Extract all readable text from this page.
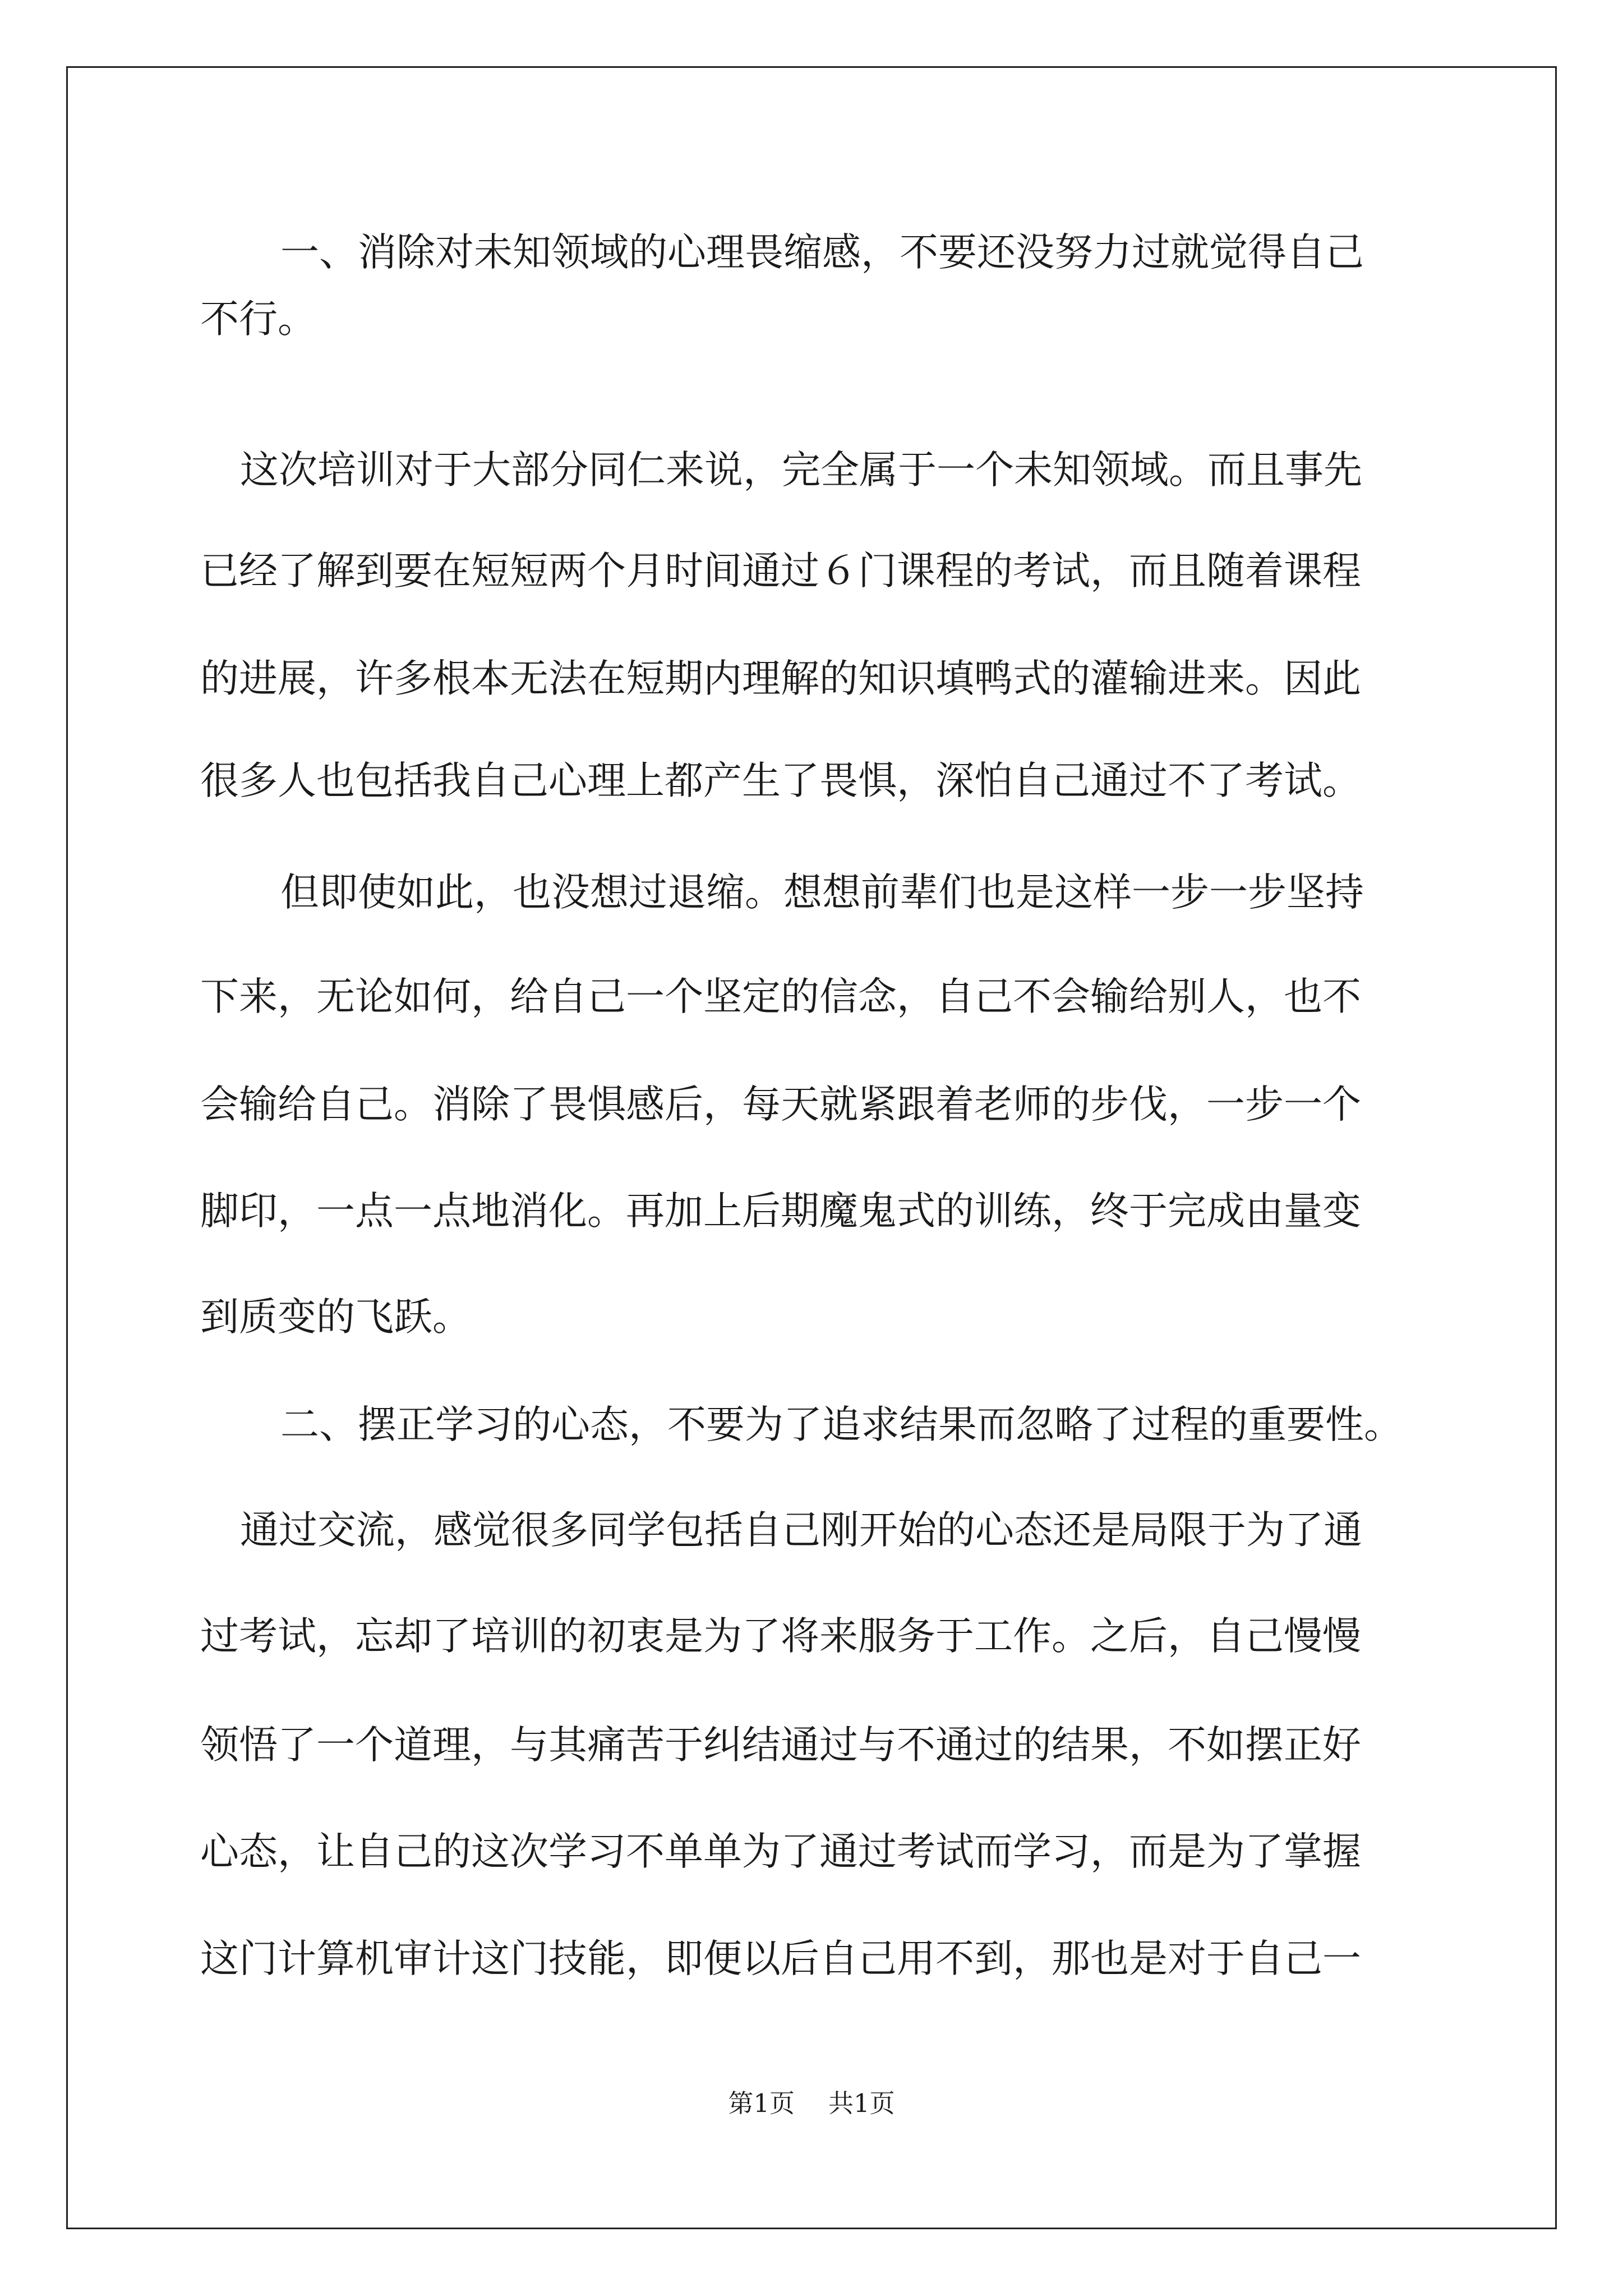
一、消除对未知领域的心理畏缩感，不要还没努力过就觉得自己
不行。
这次培训对于大部分同仁来说，完全属于一个未知领域。而且事先
已经了解到要在短短两个月时间通过６门课程的考试，而且随着课程
的进展，许多根本无法在短期内理解的知识填鸭式的灌输进来。因此
很多人也包括我自己心理上都产生了畏惧，深怕自己通过不了考试。
但即使如此，也没想过退缩。想想前辈们也是这样一步一步坚持
下来，无论如何，给自己一个坚定的信念，自己不会输给别人，也不
会输给自己。消除了畏惧感后，每天就紧跟着老师的步伐，一步一个
脚印，一点一点地消化。再加上后期魔鬼式的训练，终于完成由量变
到质变的飞跃。
二、摆正学习的心态，不要为了追求结果而忽略了过程的重要性。
通过交流，感觉很多同学包括自己刚开始的心态还是局限于为了通
过考试，忘却了培训的初衷是为了将来服务于工作。之后，自己慢慢
领悟了一个道理，与其痛苦于纠结通过与不通过的结果，不如摆正好
心态，让自己的这次学习不单单为了通过考试而学习，而是为了掌握
这门计算机审计这门技能，即便以后自己用不到，那也是对于自己一
第1页 共1页
